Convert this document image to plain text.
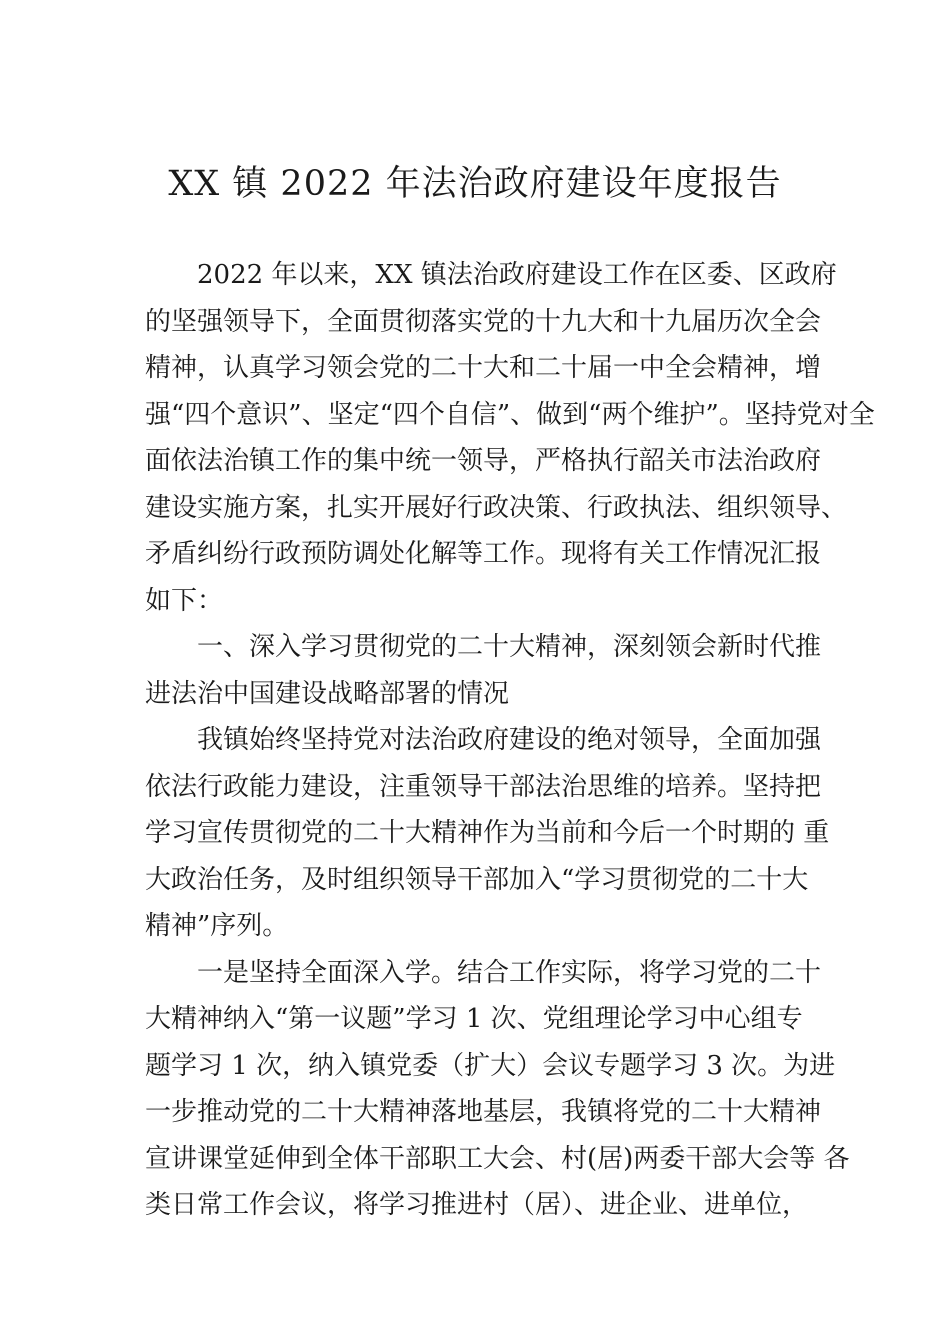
XX 镇 2022 年法治政府建设年度报告
2022 年以来，XX 镇法治政府建设工作在区委、区政府
的坚强领导下，全面贯彻落实党的十九大和十九届历次全会
精神，认真学习领会党的二十大和二十届一中全会精神，增
强“四个意识”、坚定“四个自信”、做到“两个维护”。坚持党对全
面依法治镇工作的集中统一领导，严格执行韶关市法治政府
建设实施方案，扎实开展好行政决策、行政执法、组织领导、
矛盾纠纷行政预防调处化解等工作。现将有关工作情况汇报
如下：
一、深入学习贯彻党的二十大精神，深刻领会新时代推
进法治中国建设战略部署的情况
我镇始终坚持党对法治政府建设的绝对领导，全面加强
依法行政能力建设，注重领导干部法治思维的培养。坚持把
学习宣传贯彻党的二十大精神作为当前和今后一个时期的 重
大政治任务，及时组织领导干部加入“学习贯彻党的二十大
精神”序列。
一是坚持全面深入学。结合工作实际，将学习党的二十
大精神纳入“第一议题”学习 1 次、党组理论学习中心组专
题学习 1 次，纳入镇党委（扩大）会议专题学习 3 次。为进
一步推动党的二十大精神落地基层，我镇将党的二十大精神
宣讲课堂延伸到全体干部职工大会、村(居)两委干部大会等 各
类日常工作会议，将学习推进村（居）、进企业、进单位，
